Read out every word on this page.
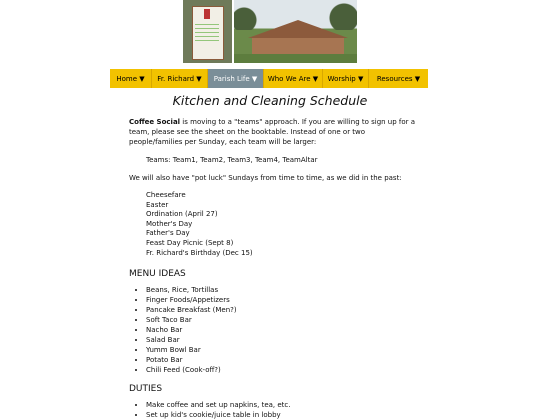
Home ▼	Fr. Richard ▼	Parish Life ▼	Who We Are ▼	Worship ▼	Resources ▼
Kitchen and Cleaning Schedule

Coffee Social is moving to a "teams" approach. If you are willing to sign up for a team, please see the sheet on the booktable. Instead of one or two people/families per Sunday, each team will be larger:

Teams: Team1, Team2, Team3, Team4, TeamAltar

We will also have "pot luck" Sundays from time to time, as we did in the past:

Cheesefare
Easter
Ordination (April 27)
Mother's Day
Father's Day
Feast Day Picnic (Sept 8)
Fr. Richard's Birthday (Dec 15)
MENU IDEAS
• Beans, Rice, Tortillas
• Finger Foods/Appetizers
• Pancake Breakfast (Men?)
• Soft Taco Bar
• Nacho Bar
• Salad Bar
• Yumm Bowl Bar
• Potato Bar
• Chili Feed (Cook-off?)
DUTIES
• Make coffee and set up napkins, tea, etc.
• Set up kid's cookie/juice table in lobby
